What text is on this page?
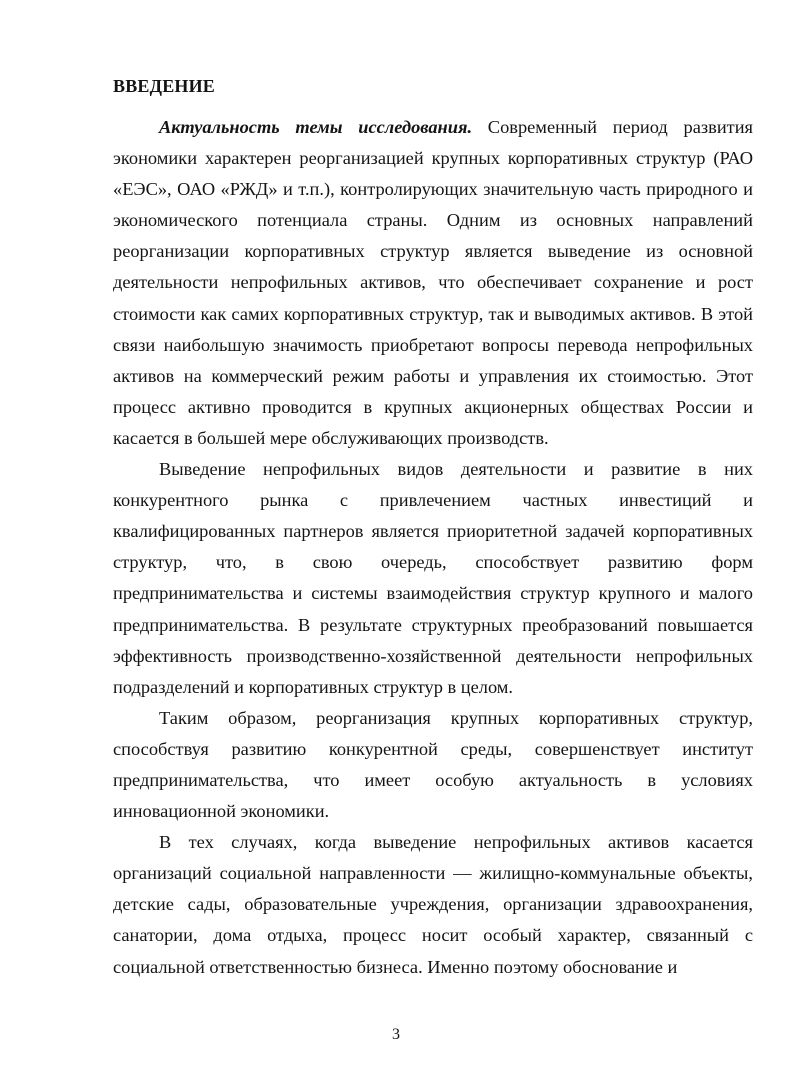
ВВЕДЕНИЕ

Актуальность темы исследования. Современный период развития экономики характерен реорганизацией крупных корпоративных структур (РАО «ЕЭС», ОАО «РЖД» и т.п.), контролирующих значительную часть природного и экономического потенциала страны. Одним из основных направлений реорганизации корпоративных структур является выведение из основной деятельности непрофильных активов, что обеспечивает сохранение и рост стоимости как самих корпоративных структур, так и выводимых активов. В этой связи наибольшую значимость приобретают вопросы перевода непрофильных активов на коммерческий режим работы и управления их стоимостью. Этот процесс активно проводится в крупных акционерных обществах России и касается в большей мере обслуживающих производств.

Выведение непрофильных видов деятельности и развитие в них конкурентного рынка с привлечением частных инвестиций и квалифицированных партнеров является приоритетной задачей корпоративных структур, что, в свою очередь, способствует развитию форм предпринимательства и системы взаимодействия структур крупного и малого предпринимательства. В результате структурных преобразований повышается эффективность производственно-хозяйственной деятельности непрофильных подразделений и корпоративных структур в целом.

Таким образом, реорганизация крупных корпоративных структур, способствуя развитию конкурентной среды, совершенствует институт предпринимательства, что имеет особую актуальность в условиях инновационной экономики.

В тех случаях, когда выведение непрофильных активов касается организаций социальной направленности — жилищно-коммунальные объекты, детские сады, образовательные учреждения, организации здравоохранения, санатории, дома отдыха, процесс носит особый характер, связанный с социальной ответственностью бизнеса. Именно поэтому обоснование и

3
